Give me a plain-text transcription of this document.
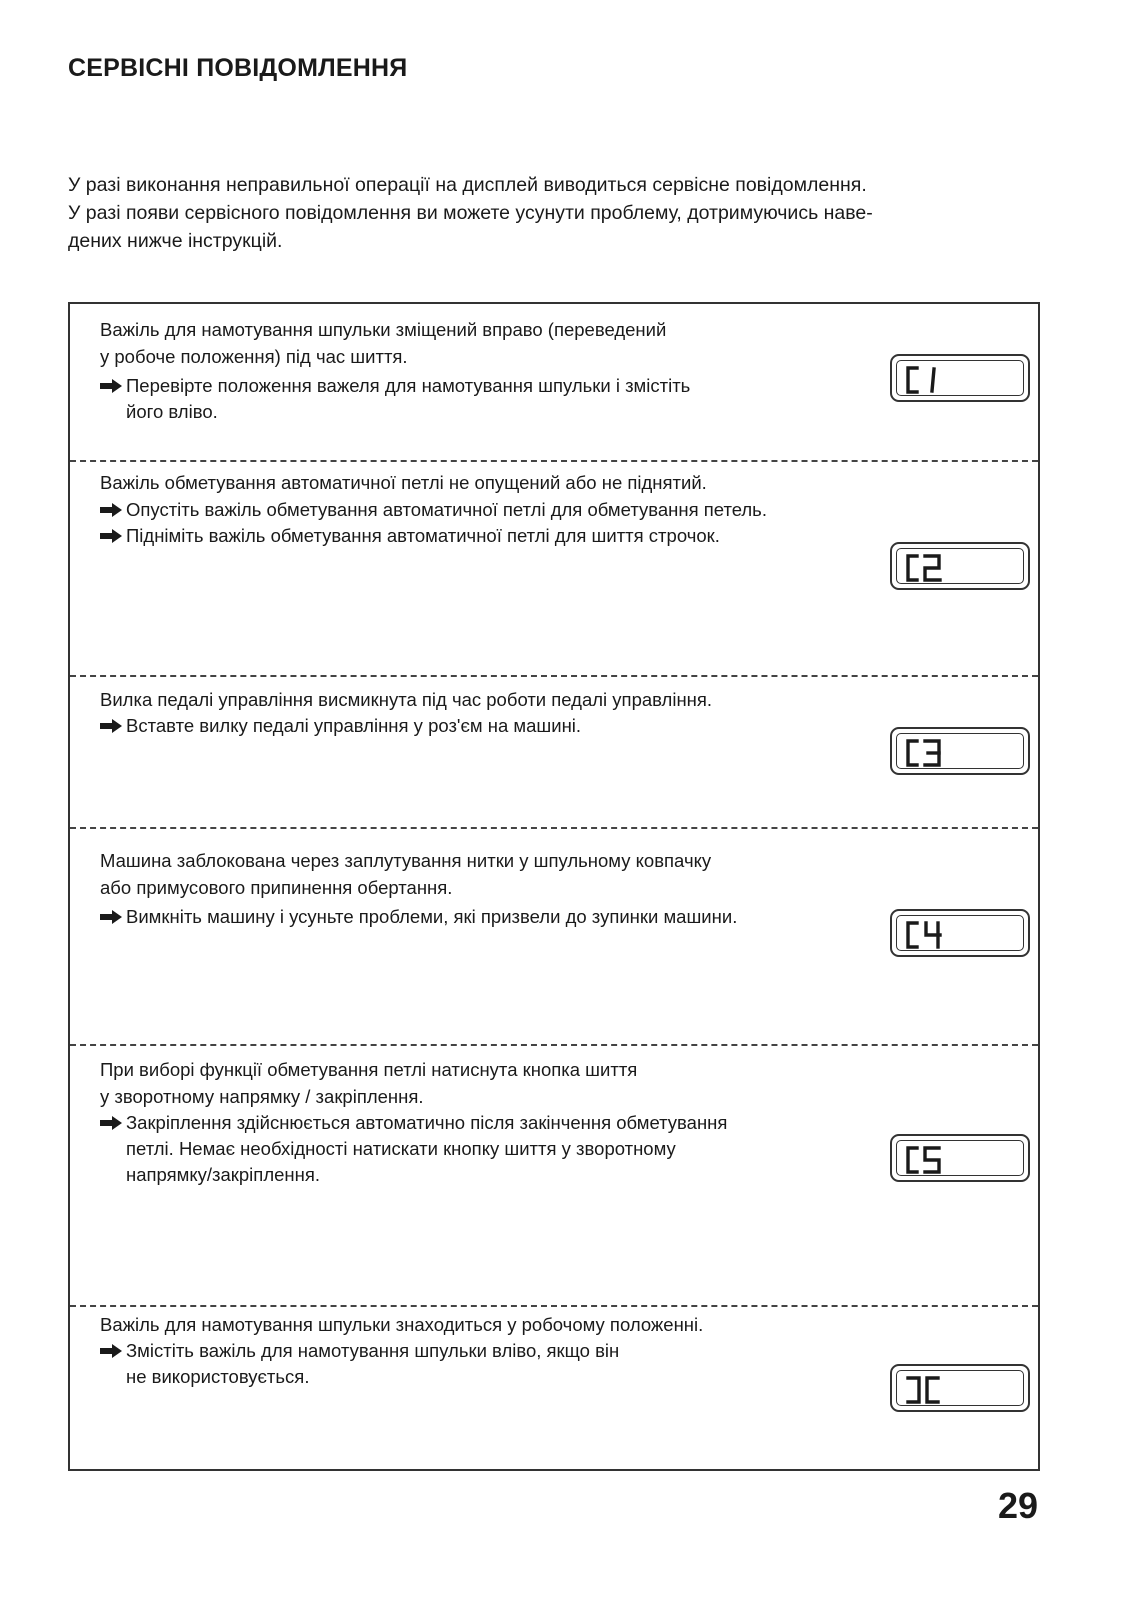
СЕРВІСНІ ПОВІДОМЛЕННЯ
У разі виконання неправильної операції на дисплей виводиться сервісне повідомлення.
У разі появи сервісного повідомлення ви можете усунути проблему, дотримуючись наве-
дених нижче інструкцій.
Важіль для намотування шпульки зміщений вправо (переведений
у робоче положення) під час шиття.
Перевірте положення важеля для намотування шпульки і змістіть
його вліво.
Важіль обметування автоматичної петлі не опущений або не піднятий.
Опустіть важіль обметування автоматичної петлі для обметування петель.
Підніміть важіль обметування автоматичної петлі для шиття строчок.
Вилка педалі управління висмикнута під час роботи педалі управління.
Вставте вилку педалі управління у роз'єм на машині.
Машина заблокована через заплутування нитки у шпульному ковпачку
або примусового припинення обертання.
Вимкніть машину і усуньте проблеми, які призвели до зупинки машини.
При виборі функції обметування петлі натиснута кнопка шиття
у зворотному напрямку / закріплення.
Закріплення здійснюється автоматично після закінчення обметування
петлі. Немає необхідності натискати кнопку шиття у зворотному
напрямку/закріплення.
Важіль для намотування шпульки знаходиться у робочому положенні.
Змістіть важіль для намотування шпульки вліво, якщо він
не використовується.
29
